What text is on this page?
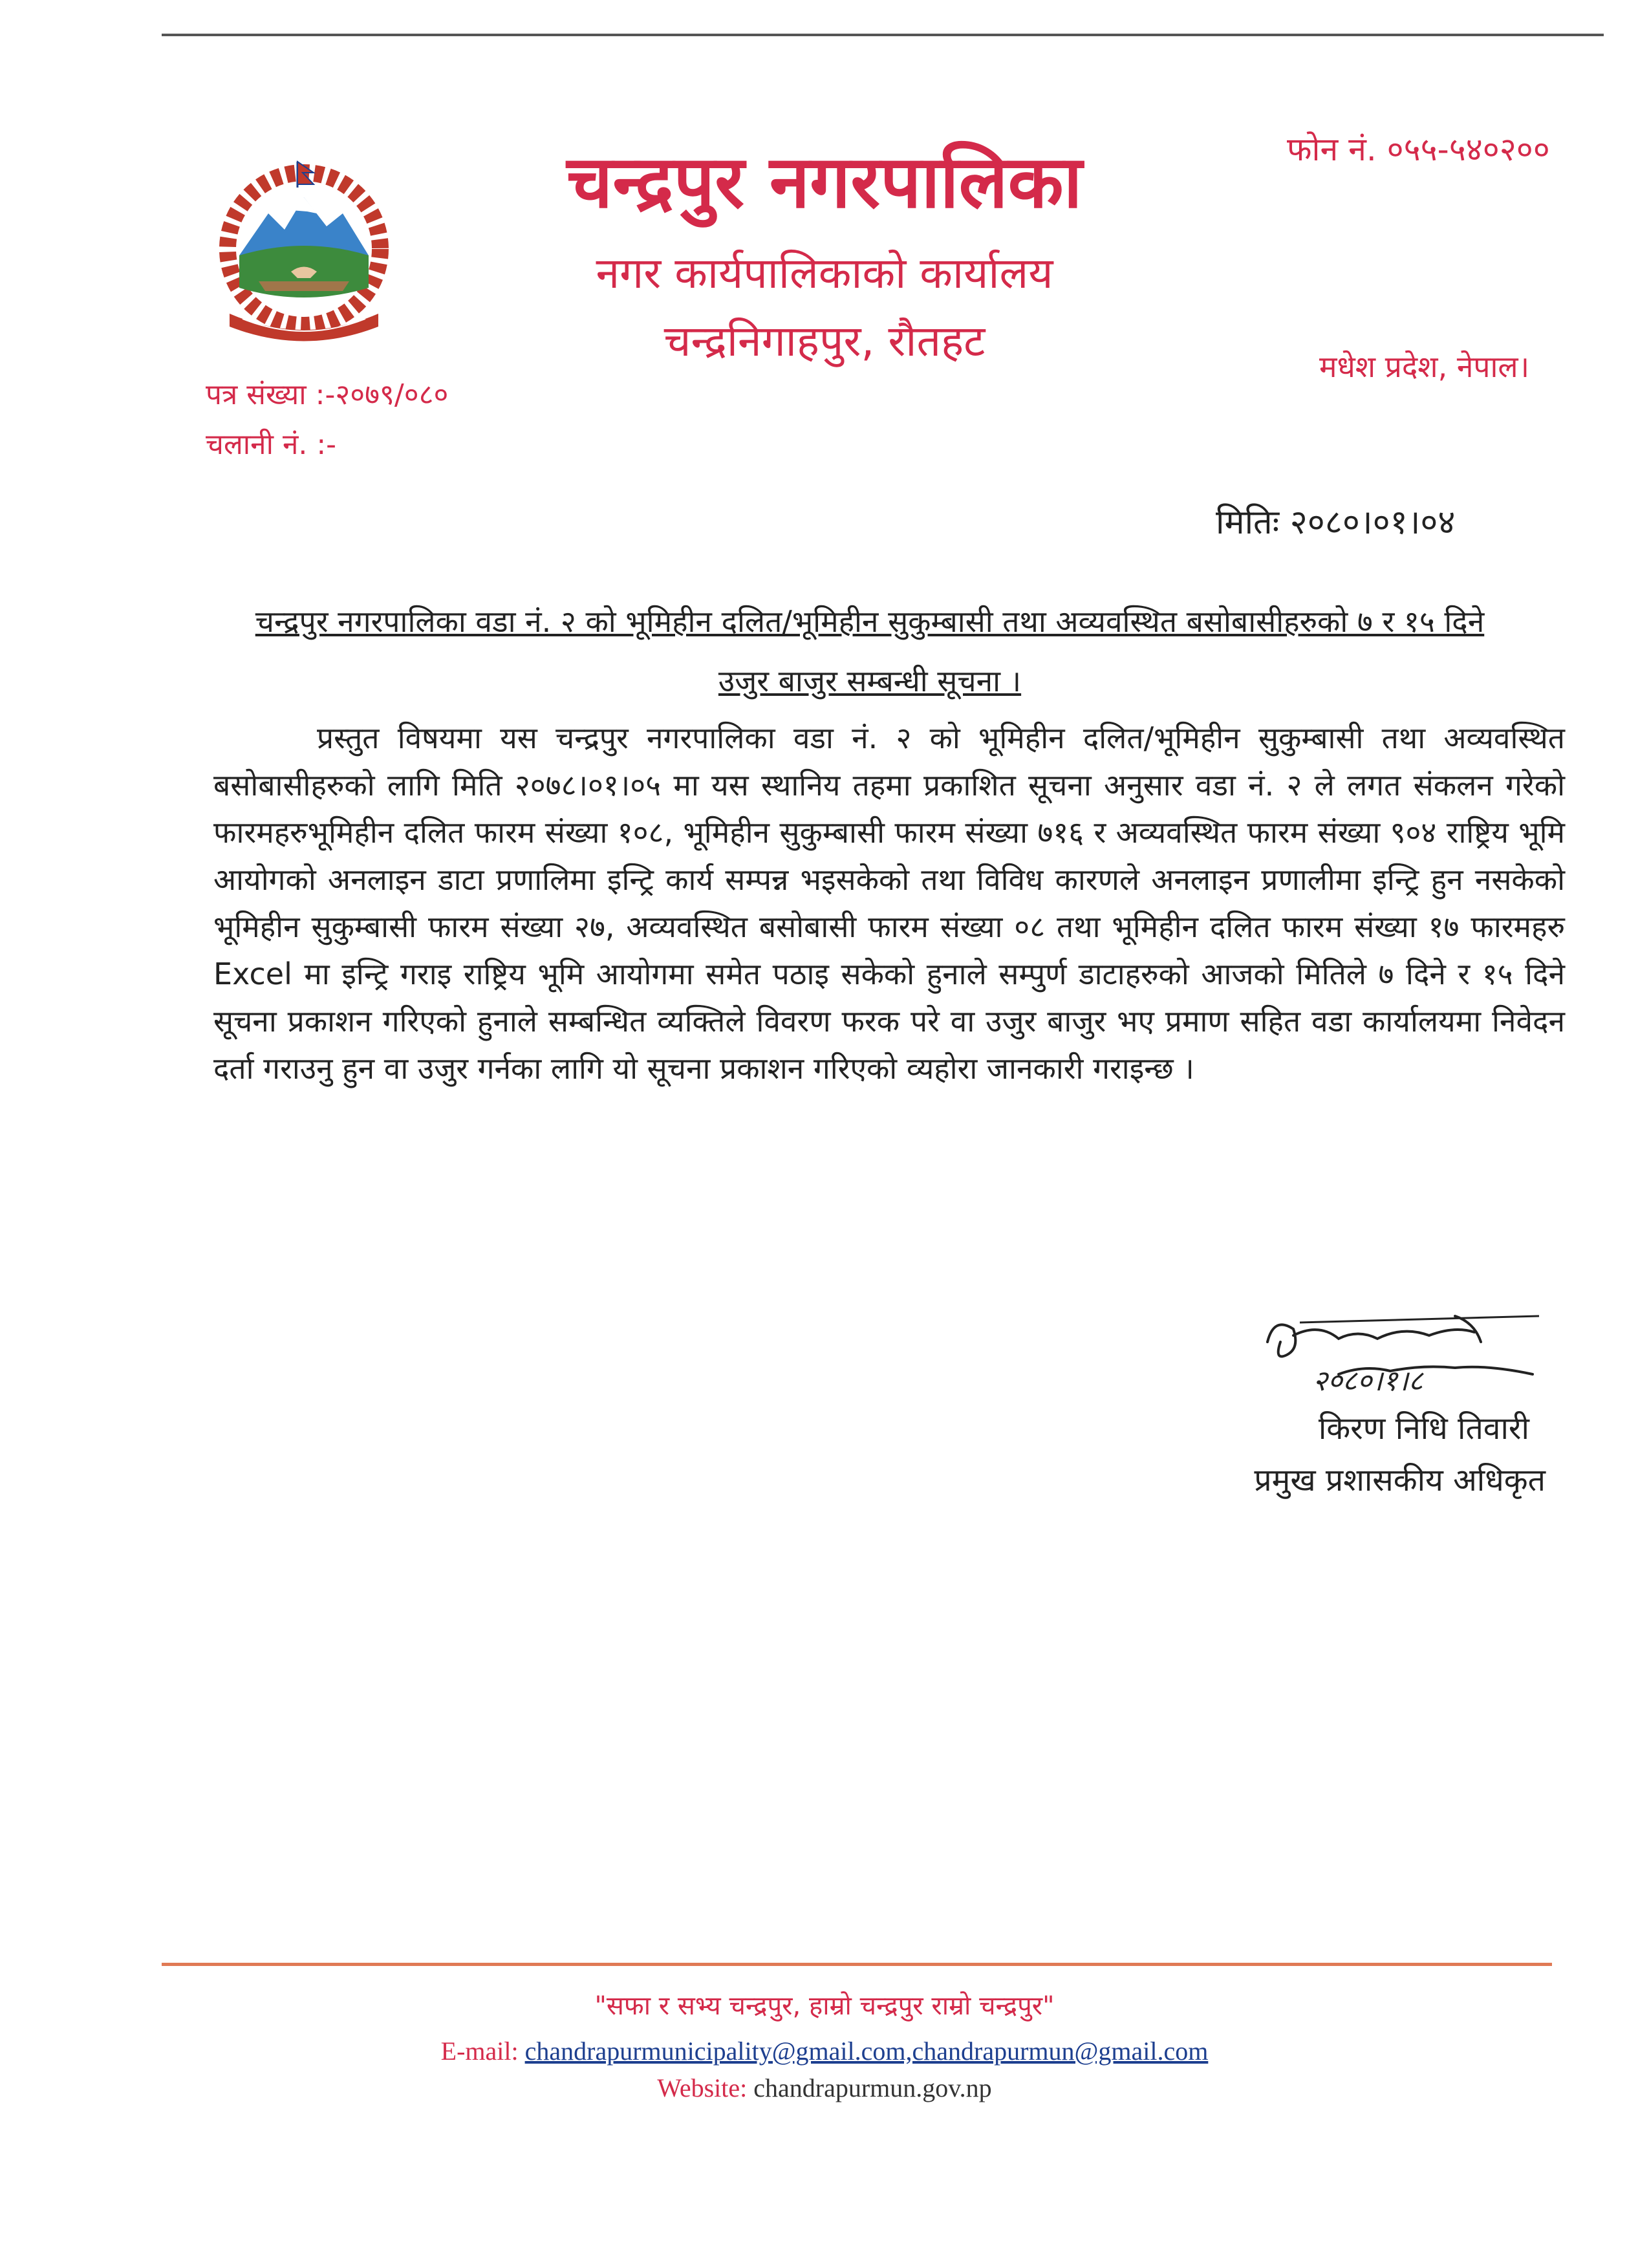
चन्द्रपुर नगरपालिका
नगर कार्यपालिकाको कार्यालय
चन्द्रनिगाहपुर, रौतहट
फोन नं. ०५५-५४०२००
मधेश प्रदेश, नेपाल।
पत्र संख्या :-२०७९/०८०
चलानी नं. :-
मितिः २०८०।०१।०४
चन्द्रपुर नगरपालिका वडा नं. २ को भूमिहीन दलित/भूमिहीन सुकुम्बासी तथा अव्यवस्थित बसोबासीहरुको ७ र १५ दिने उजुर बाजुर सम्बन्धी सूचना ।
प्रस्तुत विषयमा यस चन्द्रपुर नगरपालिका वडा नं. २ को भूमिहीन दलित/भूमिहीन सुकुम्बासी तथा अव्यवस्थित बसोबासीहरुको लागि मिति २०७८।०१।०५ मा यस स्थानिय तहमा प्रकाशित सूचना अनुसार वडा नं. २ ले लगत संकलन गरेको फारमहरुभूमिहीन दलित फारम संख्या १०८, भूमिहीन सुकुम्बासी फारम संख्या ७१६ र अव्यवस्थित फारम संख्या ९०४ राष्ट्रिय भूमि आयोगको अनलाइन डाटा प्रणालिमा इन्ट्रि कार्य सम्पन्न भइसकेको तथा विविध कारणले अनलाइन प्रणालीमा इन्ट्रि हुन नसकेको भूमिहीन सुकुम्बासी फारम संख्या २७, अव्यवस्थित बसोबासी फारम संख्या ०८ तथा भूमिहीन दलित फारम संख्या १७ फारमहरु Excel मा इन्ट्रि गराइ राष्ट्रिय भूमि आयोगमा समेत पठाइ सकेको हुनाले सम्पुर्ण डाटाहरुको आजको मितिले ७ दिने र १५ दिने सूचना प्रकाशन गरिएको हुनाले सम्बन्धित व्यक्तिले विवरण फरक परे वा उजुर बाजुर भए प्रमाण सहित वडा कार्यालयमा निवेदन दर्ता गराउनु हुन वा उजुर गर्नका लागि यो सूचना प्रकाशन गरिएको व्यहोरा जानकारी गराइन्छ ।
२०८०।१।८
किरण निधि तिवारी
प्रमुख प्रशासकीय अधिकृत
"सफा र सभ्य चन्द्रपुर, हाम्रो चन्द्रपुर राम्रो चन्द्रपुर"
E-mail: chandrapurmunicipality@gmail.com,chandrapurmun@gmail.com
Website: chandrapurmun.gov.np
